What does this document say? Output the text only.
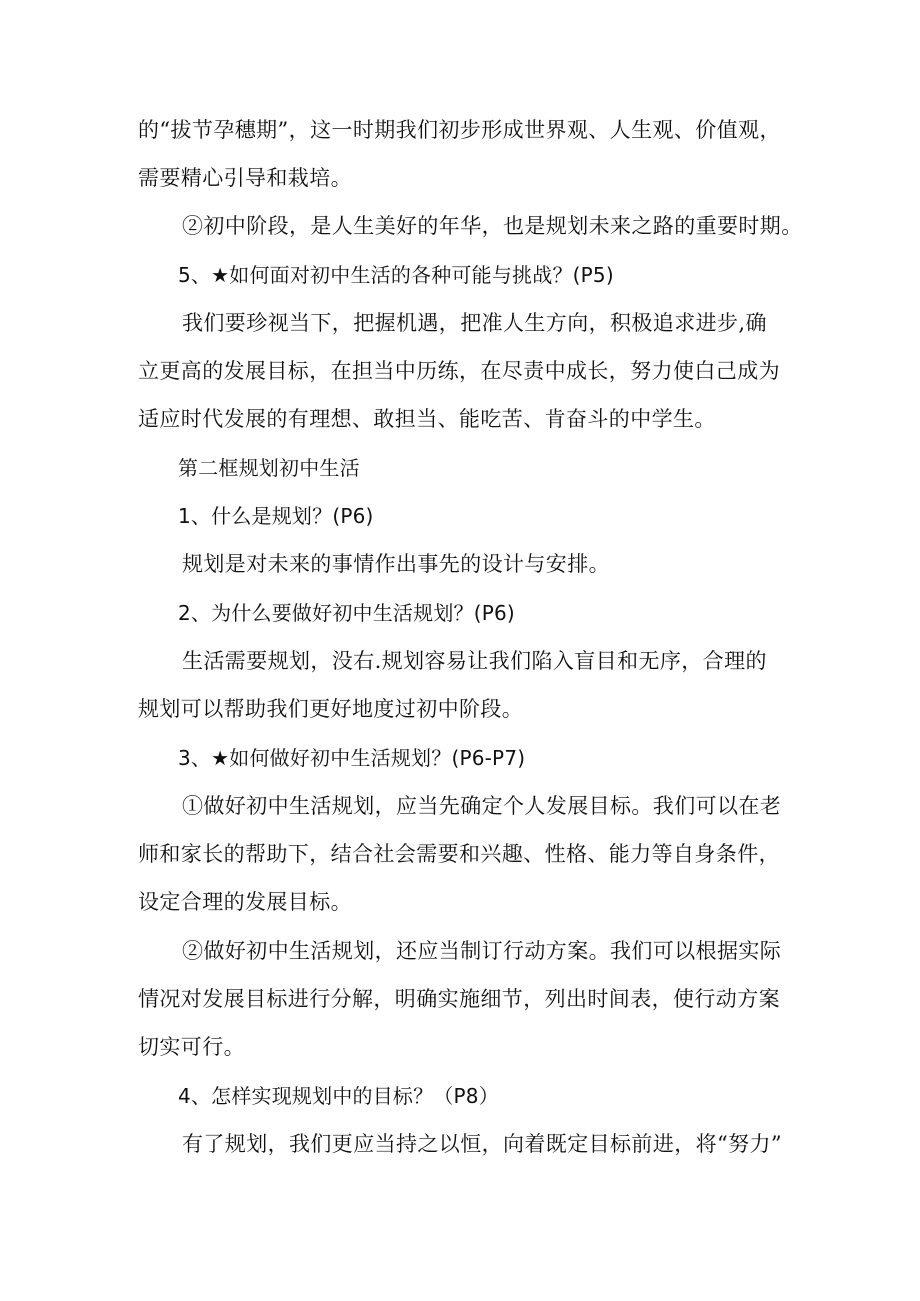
的“拔节孕穗期”，这一时期我们初步形成世界观、人生观、价值观，
需要精心引导和栽培。
②初中阶段，是人生美好的年华，也是规划未来之路的重要时期。
5、★如何面对初中生活的各种可能与挑战？(P5)
我们要珍视当下，把握机遇，把准人生方向，积极追求进步,确
立更高的发展目标，在担当中历练，在尽责中成长，努力使白己成为
适应时代发展的有理想、敢担当、能吃苦、肯奋斗的中学生。
第二框规划初中生活
1、什么是规划？(P6)
规划是对未来的事情作出事先的设计与安排。
2、为什么要做好初中生活规划？(P6)
生活需要规划，没右.规划容易让我们陷入盲目和无序，合理的
规划可以帮助我们更好地度过初中阶段。
3、★如何做好初中生活规划？(P6-P7)
①做好初中生活规划，应当先确定个人发展目标。我们可以在老
师和家长的帮助下，结合社会需要和兴趣、性格、能力等自身条件，
设定合理的发展目标。
②做好初中生活规划，还应当制订行动方案。我们可以根据实际
情况对发展目标进行分解，明确实施细节，列出时间表，使行动方案
切实可行。
4、怎样实现规划中的目标？（P8）
有了规划，我们更应当持之以恒，向着既定目标前进，将“努力”
